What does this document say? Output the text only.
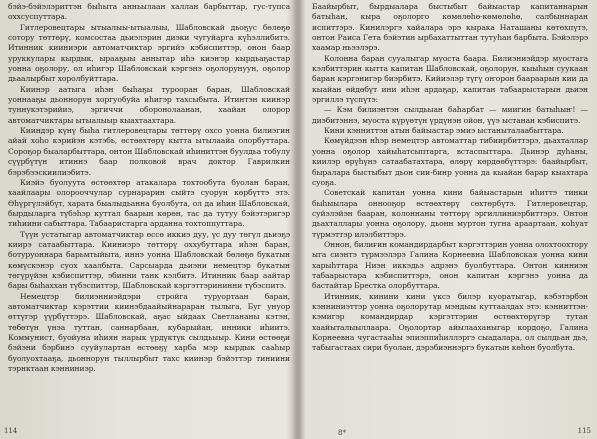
бэйэ-бэйэлэриттэн быһыта анньылаан халлан барбыттар, гус-тупса оххсуспуттара.

Гитлеровецтары ытыалыы-ытыалыы, Шабловскай дьоҕус бөлөҕө сотору төттөрү, комсостаа дьиэлэрин диэки чугуйарга күһэллибитэ. Итинник кииниэри автоматчиктар эргийэ кэбиспиттэр, онон баар уруккулары кырдык, ырааҕыы аннытар иһэ киэҥэр кырдьаҕастар уонна оҕолору, ол иһигэр Шабловскай кэргэнэ оҕолорунуун, оҕолор дьаалырбыт хоролбуйттара.

Киинэр аатыга иһэн быһаҕы турооран баран, Шабловскай уоннааҕы дьоннорун хоргуобуйа иһигэр тахсыбыта. Итинтэн киинэр туннукэтэрийиэ, эргиччи оборонолаанан, хаайан олорор автоматчиктары ытыалыыр кыахтаахтара.

Кииндэр күнү быһа гитлеровецтары төттөрү охсо уонна билиэгин айай хоһо кэрийэн кэтэбь, өстөөхтөрү кытта ытылаайа олорбуттара. Сороҕор быаларбыттара, онтон Шабловскай иһиниттэн буулдьа тобулу сүүрбүтүн итиннэ баар полковой врач доктор Гаврилкин бэрэбээскиилиэбитэ.

Киэйэ буолуута өстөөхтөр атакалара тохтообута буолан баран, хаайлаары олорооччулар сурнарарин сыйтэ суорун көрбүттэ этэ. Өһүргүлэйбүт, харата быалыдьанна буолбута, ол да иһин Шабловскай, бырдыларга түбэһэр куттал баарын көрөн, тас да тутуу бэйэтэригэр тиһиини сабыттара. Табааристарга арданна тохтоппуттара.

Түүн устатыгар автоматчиктар өссө иккиэ дуу, үс дуу төгүл дьиэҕэ киирэ сатаабыттара. Кииниэрэ төттөрү оххубуттара иһэн баран, ботуруоннара барьмтыйыта, иннэ уонна Шабловскай бөлөҕө букатын көмүскэнэр суох хаалбыта. Сарсыарда дьиэни немецтэр букатын төгүрүйэн кэбиспиттэр, эбинни танк кэлбитэ. Итинник баар аайтар бары быһаххан түбэспиттэр, Шабловскай кэргэттэрининни түбэспитэ.

Немецтэр билиэнниэйдэри стройга туруортаан баран, автоматчиктар кэрэттии киинэбдаайыйнараран тылыга, Буг унуор өттүгэр үүрбүттэрэ. Шабловскай, аҕас ыйдаах Светлананы кэтэн, төбөтүн үнэа туттан, саннарбаан, кубарыйан, инники иһиитэ. Коммунист, буойуна иһиян нарык үрдүктүк сылдьыыр. Кини өстөөҕи бэйэни бэрбинэ сууйулартан өстөөҕү харба мэр кырдык сааһыр буолуохтааҕа, дьоннорун тыллырбыт тахс киинэр бэйэттэр тиниини тэрнктаан кэнниниэр.

114

Баайырбыт, бырдыалара быстыбыт байыастар капитаннарын батыһан, кыра оҕолорго көмөлөһө-көмөлөһө, салбыннаран испиттэрэ. Кинилэргэ хайалара эрэ кырака Наташаны көтөхпүтэ, онтон Раиса Гета бэйэтин ырбахаттыттан тутуһан барбыта. Бэйэлэрэ хаамар ньээлэрэ.

Колонна баран сууалыгар муоста баара. Билиэниэйдэр муостага кэлбиттэрин кытта капитан Шабловскай, оҕолорун, кыыһын суукаан баран кэргэнигэр биэрбитэ. Кийиэлэр түгү оҥорон баараарын кии да кыайан өйдөбүт ини иһэн ардаҕар, капитан табаарыстарын дьиэн эргиллэ түспүтэ:

— Кэм билиэнтэн сылдьыан баһарбат — миигин батыһыҥ! — диэбитэннэ, муоста күрүөтүн үрдүнэн ойон, үүэ ыстанан кэбиспитэ.

Кини кэнниттэн атын байыастар эмиэ ыстаныталаабыттара.

Көмүйдээн нһэр немецтэр автоматтар тибиирбиттэрэ, дьахталлар уонна оҕолор хайыһатсыптарга, встаспыттара. Дьинэр дуһаны, киилэр өрүһүнэ сатаабатахтара, өлөрү көрдөөбүттэрэ: баайырбыт, быралара быстыбыт дьон сии-бинр уонна да кыайан барар кыахтара суоҕа.

Советскай капитан уонна кини байыастарын иһиттэ тинки быһыылара оннооҕор өстөөхтөрү сөхтөрбүтэ. Гитлеровецтар, суйэлэйэн бааран, колоннаны төттөрү эргиллиниэрбиттэрэ. Онтон дьахталлары уонна оҕолору, дьонн муртон тугна араартаан, коһуат түрмэттэр илэлбиттэрэ.

Оннон, билиғин командирдарбыт кэргэттэрин уонна олохтоохтору ыга сиэнтэ түрмээлэрэ Галина Корнеевна Шабловская уонна кини харыһттара Ниэн иккэдьэ адрэнэ буолбуттара. Онтон кинниэн табаарыстара кэбиспиттэрэ, онон капитан кэргэнэ уонна да бастайтар Брестка олорбуттара.

Итинник, кинини кини үксэ билэр куоратыгар, кэбэтэрбэн кэнниниэттэр уонна оҕолорутар мэндыы куттаалдах этэ: кэнниттэн-кэмигэр командирдар кэргэттэрин өстөөхтөрүгэр тутан хаайыталыыллаара. Оҕолортар айылааханыгар кордоҕо, Галина Корнеевна чугастааһы эпиэппиһиллэргэ сыадалара, ол сылдьан дьэ, табыгастаах сири буолан, дэрэбиэннэргэ букатын көһөн буолбута.

8*	115
